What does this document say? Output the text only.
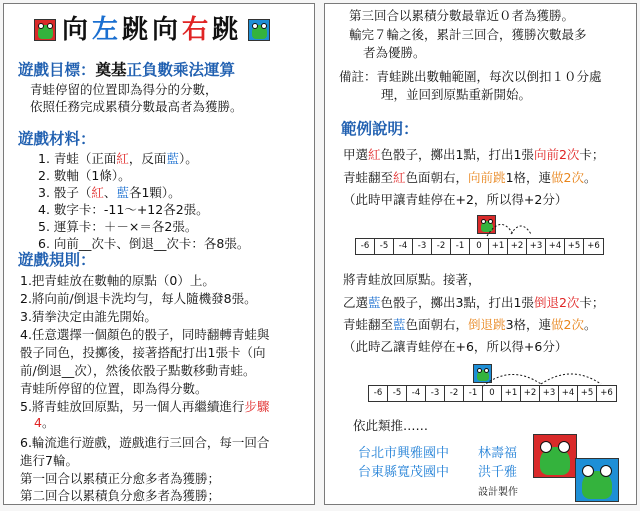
向左跳向右跳
遊戲目標：奠基正負數乘法運算
青蛙停留的位置即為得分的分數，
依照任務完成累積分數最高者為獲勝。
遊戲材料：
1. 青蛙（正面紅，反面藍）。
2. 數軸（1條）。
3. 骰子（紅、藍各1顆）。
4. 數字卡：-11～+12各2張。
5. 運算卡：＋－×＝各2張。
6. 向前__次卡、倒退__次卡：各8張。
遊戲規則：
1.把青蛙放在數軸的原點（0）上。
2.將向前/倒退卡洗均勻，每人隨機發8張。
3.猜拳決定由誰先開始。
4.任意選擇一個顏色的骰子，同時翻轉青蛙與
骰子同色，投擲後，接著搭配打出1張卡（向
前/倒退__次），然後依骰子點數移動青蛙。
青蛙所停留的位置，即為得分數。
5.將青蛙放回原點，另一個人再繼續進行步驟
4。
6.輪流進行遊戲，遊戲進行三回合，每一回合
進行7輪。
第一回合以累積正分愈多者為獲勝；
第二回合以累積負分愈多者為獲勝；
第三回合以累積分數最靠近０者為獲勝。
輸完７輪之後，累計三回合，獲勝次數最多
者為優勝。
備註：青蛙跳出數軸範圍，每次以倒扣１０分處
理，並回到原點重新開始。
範例說明：
甲選紅色骰子，擲出1點，打出1張向前2次卡；
青蛙翻至紅色面朝右，向前跳1格，連做2次。
（此時甲讓青蛙停在+2，所以得+2分）
-6	-5	-4	-3	-2	-1	0	+1 +2 +3 +4 +5 +6
將青蛙放回原點。接著，
乙選藍色骰子，擲出3點，打出1張倒退2次卡；
青蛙翻至藍色面朝右，倒退跳3格，連做2次。
（此時乙讓青蛙停在+6，所以得+6分）
-6	-5	-4	-3	-2	-1	0	+1 +2 +3 +4 +5 +6
依此類推……
台北市興雅國中 林壽福
台東縣寬茂國中 洪千雅
設計製作
